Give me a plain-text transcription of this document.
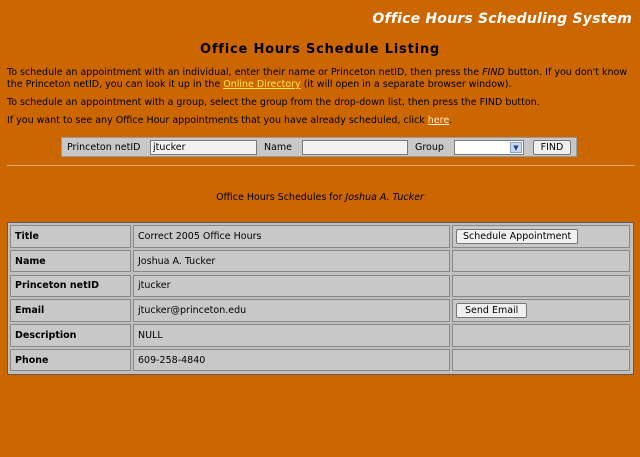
Office Hours Scheduling System
Office Hours Schedule Listing

To schedule an appointment with an individual, enter their name or Princeton netID, then press the FIND button. If you don't know the Princeton netID, you can look it up in the Online Directory (it will open in a separate browser window).

To schedule an appointment with a group, select the group from the drop-down list, then press the FIND button.

If you want to see any Office Hour appointments that you have already scheduled, click here.

Princeton netID
jtucker	Name	Group	▼	FIND
Office Hours Schedules for Joshua A. Tucker
Title	Correct 2005 Office Hours	Schedule Appointment
Name	Joshua A. Tucker
Princeton netID	jtucker
Email	jtucker@princeton.edu	Send Email
Description	NULL
Phone	609-258-4840
